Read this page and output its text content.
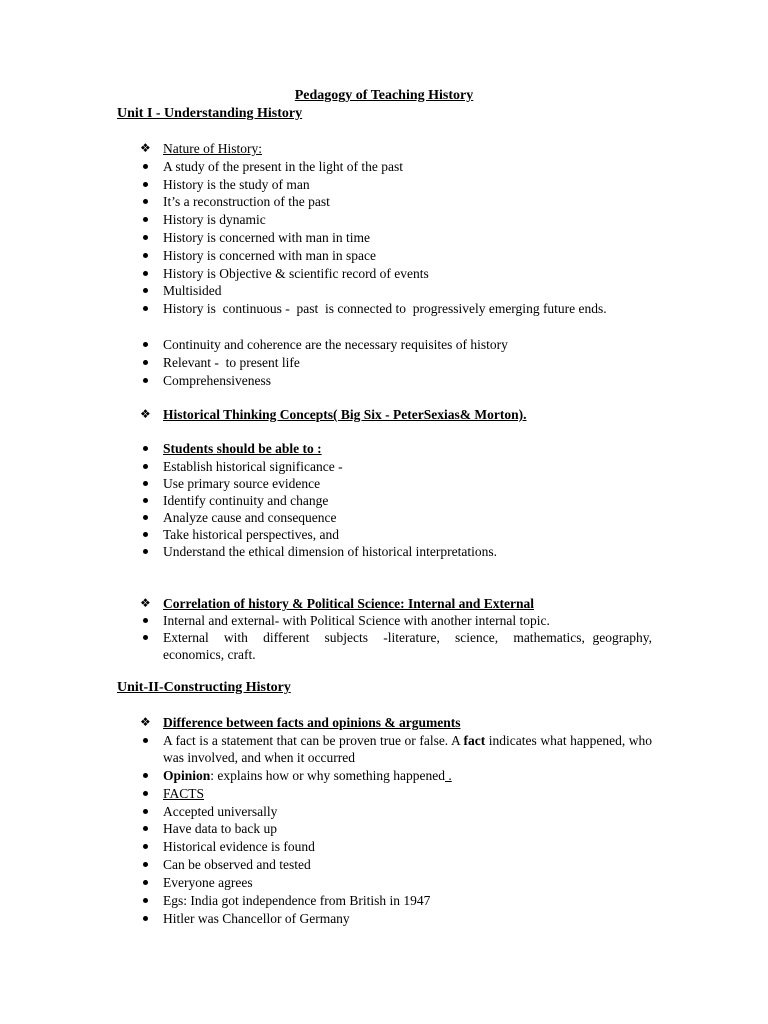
Pedagogy of Teaching History
Unit I - Understanding History
❖ Nature of History:
A study of the present in the light of the past
History is the study of man
It’s a reconstruction of the past
History is dynamic
History is concerned with man in time
History is concerned with man in space
History is Objective & scientific record of events
Multisided
History is  continuous -  past  is connected to  progressively emerging future ends.
Continuity and coherence are the necessary requisites of history
Relevant -  to present life
Comprehensiveness
❖ Historical Thinking Concepts( Big Six - PeterSexias& Morton).
Students should be able to :
Establish historical significance -
Use primary source evidence
Identify continuity and change
Analyze cause and consequence
Take historical perspectives, and
Understand the ethical dimension of historical interpretations.
❖ Correlation of history & Political Science: Internal and External
Internal and external- with Political Science with another internal topic.
External  with  different  subjects  -literature,  science,  mathematics, geography, economics, craft.
Unit-II-Constructing History
❖ Difference between facts and opinions & arguments
A fact is a statement that can be proven true or false. A fact indicates what happened, who was involved, and when it occurred
Opinion: explains how or why something happened .
FACTS
Accepted universally
Have data to back up
Historical evidence is found
Can be observed and tested
Everyone agrees
Egs: India got independence from British in 1947
Hitler was Chancellor of Germany
